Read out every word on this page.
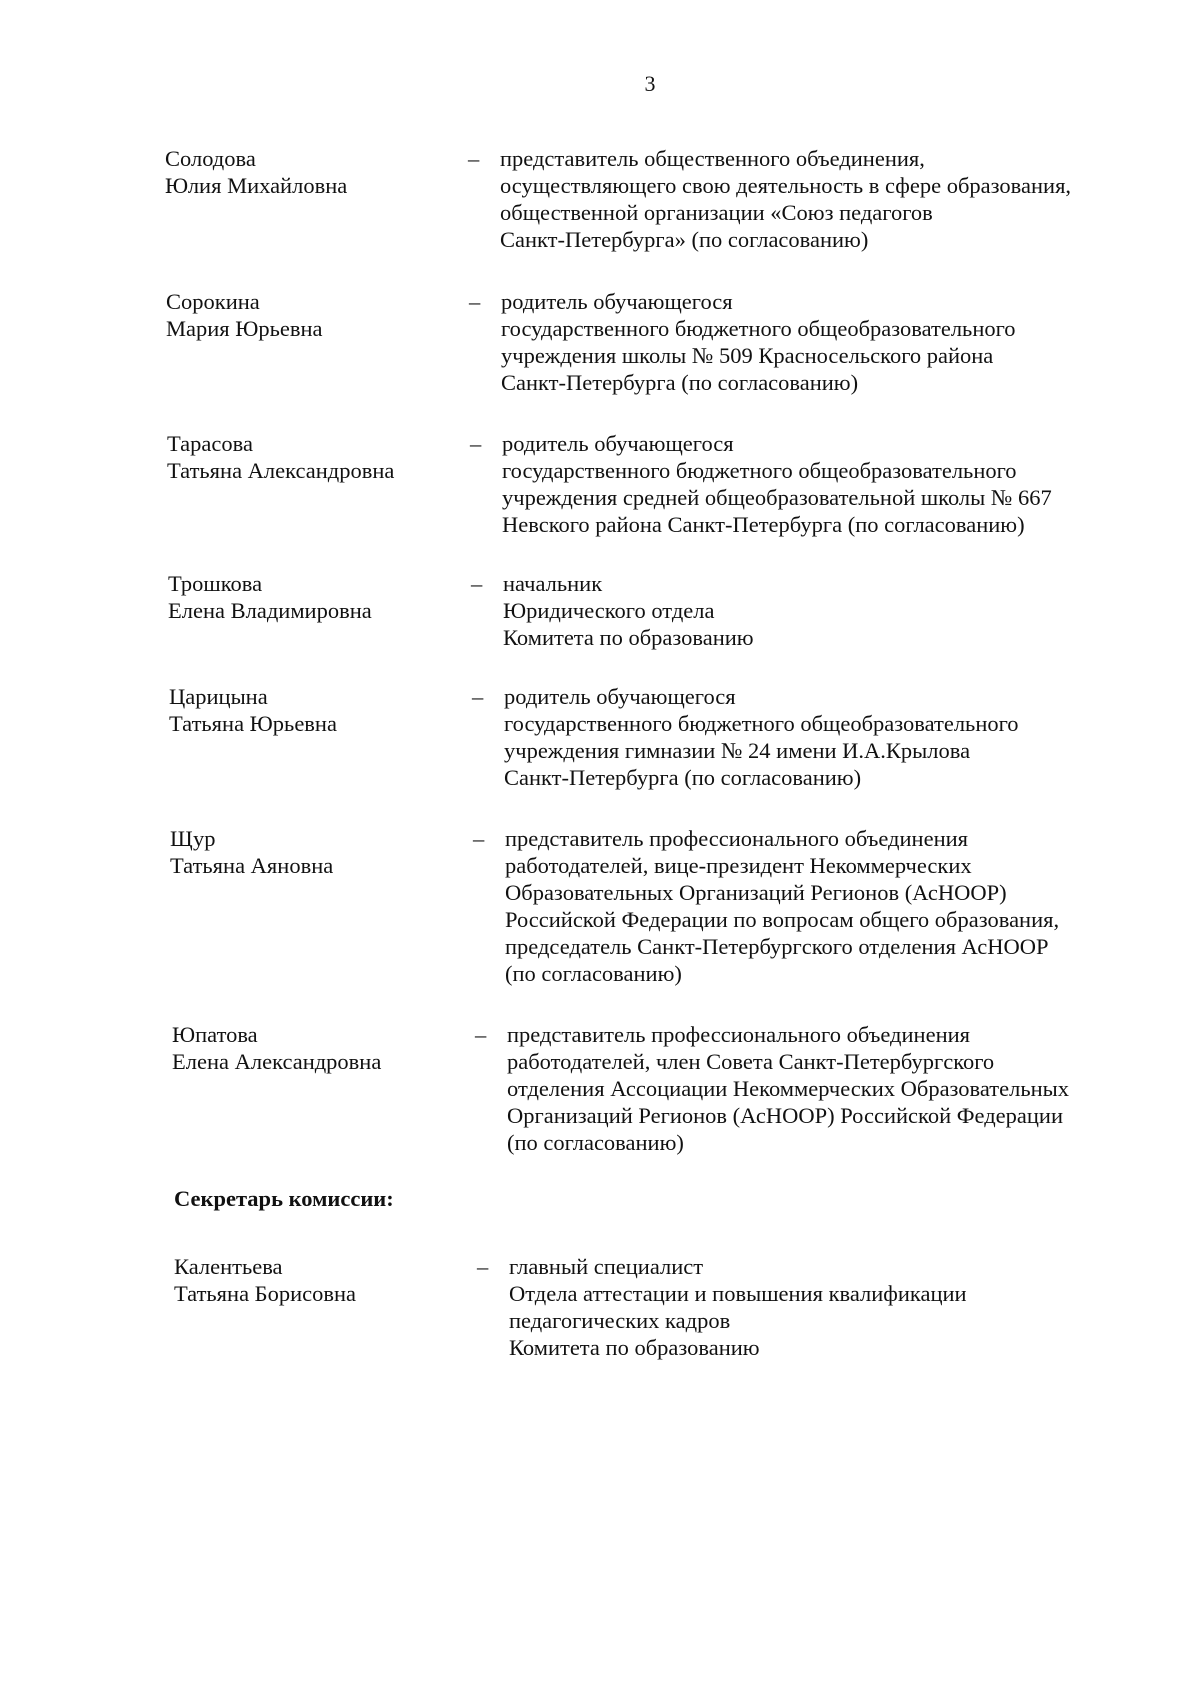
3
Солодова
Юлия Михайловна
– представитель общественного объединения,
осуществляющего свою деятельность в сфере образования,
общественной организации «Союз педагогов
Санкт-Петербурга» (по согласованию)
Сорокина
Мария Юрьевна
– родитель обучающегося
государственного бюджетного общеобразовательного
учреждения школы № 509 Красносельского района
Санкт-Петербурга (по согласованию)
Тарасова
Татьяна Александровна
– родитель обучающегося
государственного бюджетного общеобразовательного
учреждения средней общеобразовательной школы № 667
Невского района Санкт-Петербурга (по согласованию)
Трошкова
Елена Владимировна
– начальник
Юридического отдела
Комитета по образованию
Царицына
Татьяна Юрьевна
– родитель обучающегося
государственного бюджетного общеобразовательного
учреждения гимназии № 24 имени И.А.Крылова
Санкт-Петербурга (по согласованию)
Щур
Татьяна Аяновна
– представитель профессионального объединения
работодателей, вице-президент Некоммерческих
Образовательных Организаций Регионов (АсНООР)
Российской Федерации по вопросам общего образования,
председатель Санкт-Петербургского отделения АсНООР
(по согласованию)
Юпатова
Елена Александровна
– представитель профессионального объединения
работодателей, член Совета Санкт-Петербургского
отделения Ассоциации Некоммерческих Образовательных
Организаций Регионов (АсНООР) Российской Федерации
(по согласованию)
Секретарь комиссии:
Калентьева
Татьяна Борисовна
– главный специалист
Отдела аттестации и повышения квалификации
педагогических кадров
Комитета по образованию
